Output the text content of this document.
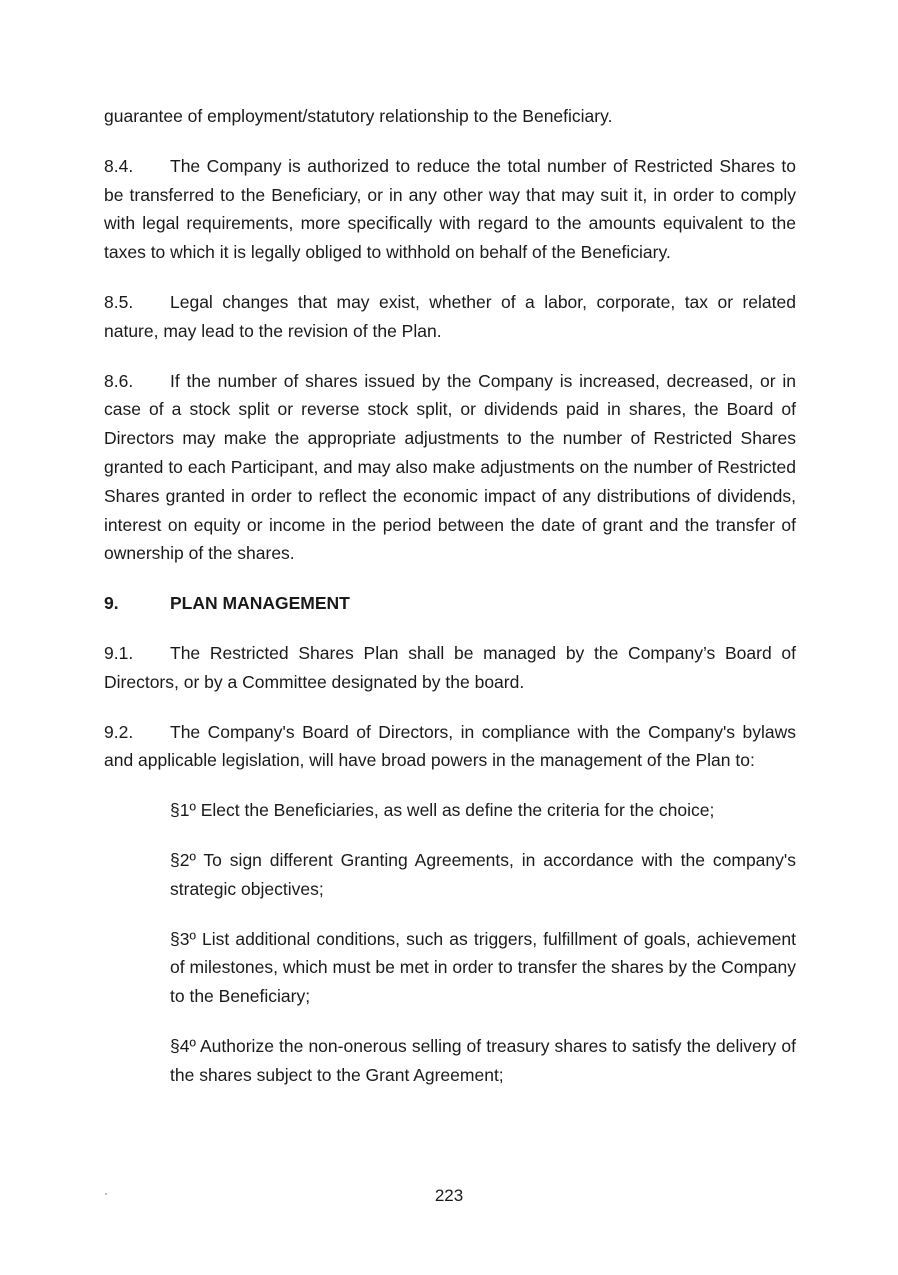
guarantee of employment/statutory relationship to the Beneficiary.

8.4. The Company is authorized to reduce the total number of Restricted Shares to be transferred to the Beneficiary, or in any other way that may suit it, in order to comply with legal requirements, more specifically with regard to the amounts equivalent to the taxes to which it is legally obliged to withhold on behalf of the Beneficiary.

8.5. Legal changes that may exist, whether of a labor, corporate, tax or related nature, may lead to the revision of the Plan.

8.6. If the number of shares issued by the Company is increased, decreased, or in case of a stock split or reverse stock split, or dividends paid in shares, the Board of Directors may make the appropriate adjustments to the number of Restricted Shares granted to each Participant, and may also make adjustments on the number of Restricted Shares granted in order to reflect the economic impact of any distributions of dividends, interest on equity or income in the period between the date of grant and the transfer of ownership of the shares.

9.	PLAN MANAGEMENT

9.1. The Restricted Shares Plan shall be managed by the Company’s Board of Directors, or by a Committee designated by the board.

9.2. The Company's Board of Directors, in compliance with the Company's bylaws and applicable legislation, will have broad powers in the management of the Plan to:

§1º Elect the Beneficiaries, as well as define the criteria for the choice;

§2º To sign different Granting Agreements, in accordance with the company's strategic objectives;

§3º List additional conditions, such as triggers, fulfillment of goals, achievement of milestones, which must be met in order to transfer the shares by the Company to the Beneficiary;

§4º Authorize the non-onerous selling of treasury shares to satisfy the delivery of the shares subject to the Grant Agreement;

223
